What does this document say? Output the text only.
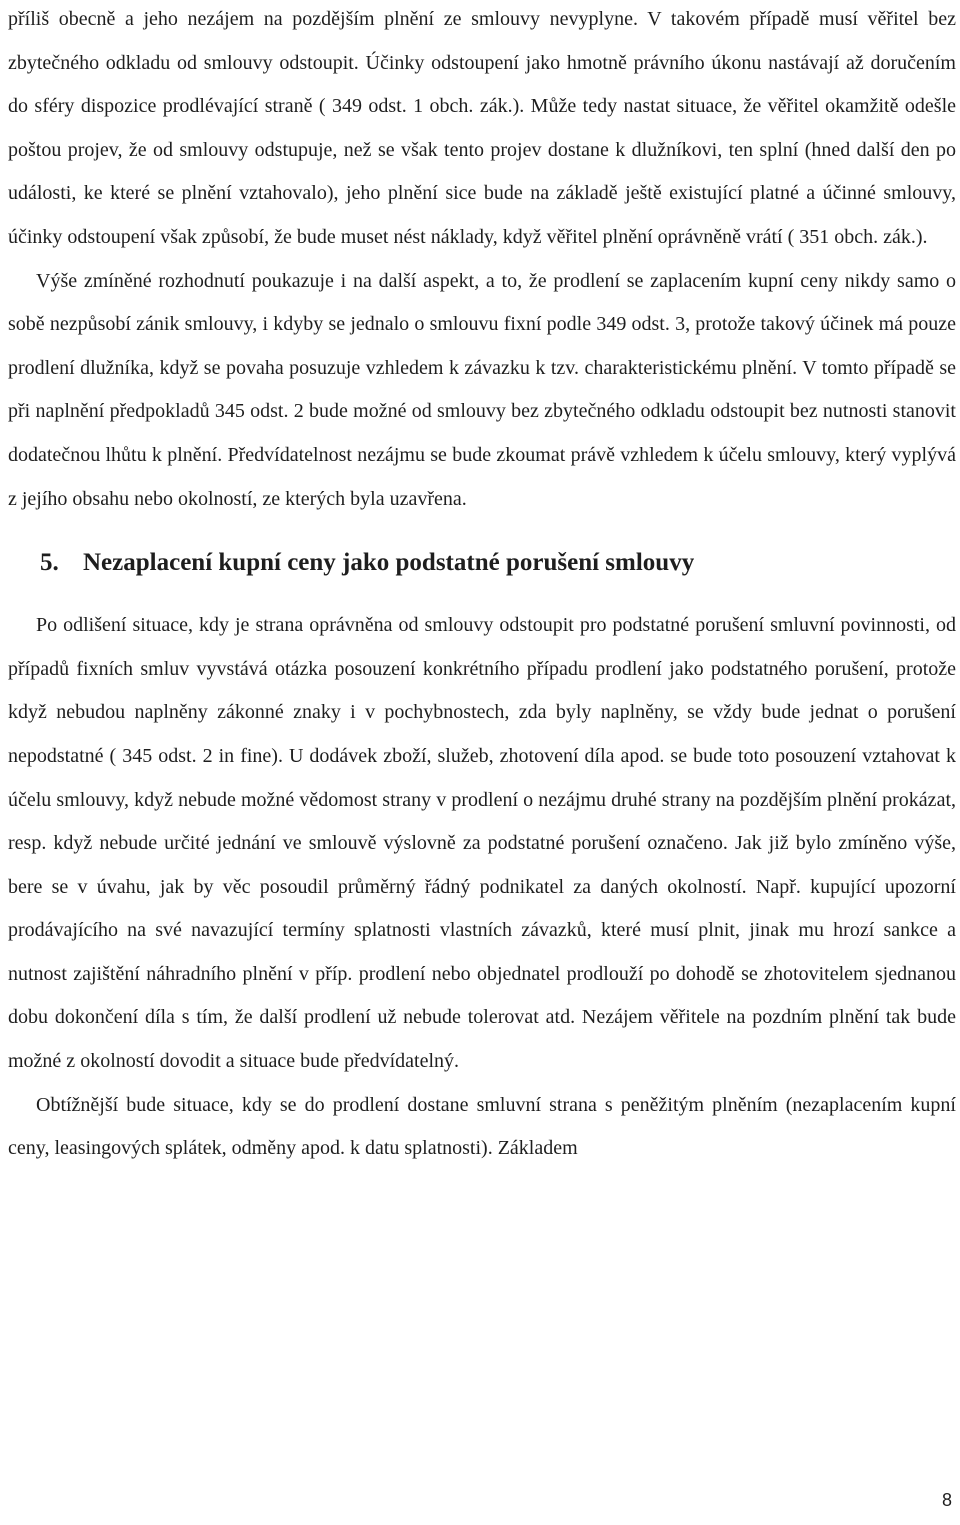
příliš obecně a jeho nezájem na pozdějším plnění ze smlouvy nevyplyne. V takovém případě musí věřitel bez zbytečného odkladu od smlouvy odstoupit. Účinky odstoupení jako hmotně právního úkonu nastávají až doručením do sféry dispozice prodlévající straně ( 349 odst. 1 obch. zák.). Může tedy nastat situace, že věřitel okamžitě odešle poštou projev, že od smlouvy odstupuje, než se však tento projev dostane k dlužníkovi, ten splní (hned další den po události, ke které se plnění vztahovalo), jeho plnění sice bude na základě ještě existující platné a účinné smlouvy, účinky odstoupení však způsobí, že bude muset nést náklady, když věřitel plnění oprávněně vrátí ( 351 obch. zák.).

Výše zmíněné rozhodnutí poukazuje i na další aspekt, a to, že prodlení se zaplacením kupní ceny nikdy samo o sobě nezpůsobí zánik smlouvy, i kdyby se jednalo o smlouvu fixní podle 349 odst. 3, protože takový účinek má pouze prodlení dlužníka, když se povaha posuzuje vzhledem k závazku k tzv. charakteristickému plnění. V tomto případě se při naplnění předpokladů 345 odst. 2 bude možné od smlouvy bez zbytečného odkladu odstoupit bez nutnosti stanovit dodatečnou lhůtu k plnění. Předvídatelnost nezájmu se bude zkoumat právě vzhledem k účelu smlouvy, který vyplývá z jejího obsahu nebo okolností, ze kterých byla uzavřena.

5. Nezaplacení kupní ceny jako podstatné porušení smlouvy

Po odlišení situace, kdy je strana oprávněna od smlouvy odstoupit pro podstatné porušení smluvní povinnosti, od případů fixních smluv vyvstává otázka posouzení konkrétního případu prodlení jako podstatného porušení, protože když nebudou naplněny zákonné znaky i v pochybnostech, zda byly naplněny, se vždy bude jednat o porušení nepodstatné ( 345 odst. 2 in fine). U dodávek zboží, služeb, zhotovení díla apod. se bude toto posouzení vztahovat k účelu smlouvy, když nebude možné vědomost strany v prodlení o nezájmu druhé strany na pozdějším plnění prokázat, resp. když nebude určité jednání ve smlouvě výslovně za podstatné porušení označeno. Jak již bylo zmíněno výše, bere se v úvahu, jak by věc posoudil průměrný řádný podnikatel za daných okolností. Např. kupující upozorní prodávajícího na své navazující termíny splatnosti vlastních závazků, které musí plnit, jinak mu hrozí sankce a nutnost zajištění náhradního plnění v příp. prodlení nebo objednatel prodlouží po dohodě se zhotovitelem sjednanou dobu dokončení díla s tím, že další prodlení už nebude tolerovat atd. Nezájem věřitele na pozdním plnění tak bude možné z okolností dovodit a situace bude předvídatelný.

Obtížnější bude situace, kdy se do prodlení dostane smluvní strana s peněžitým plněním (nezaplacením kupní ceny, leasingových splátek, odměny apod. k datu splatnosti). Základem

8
